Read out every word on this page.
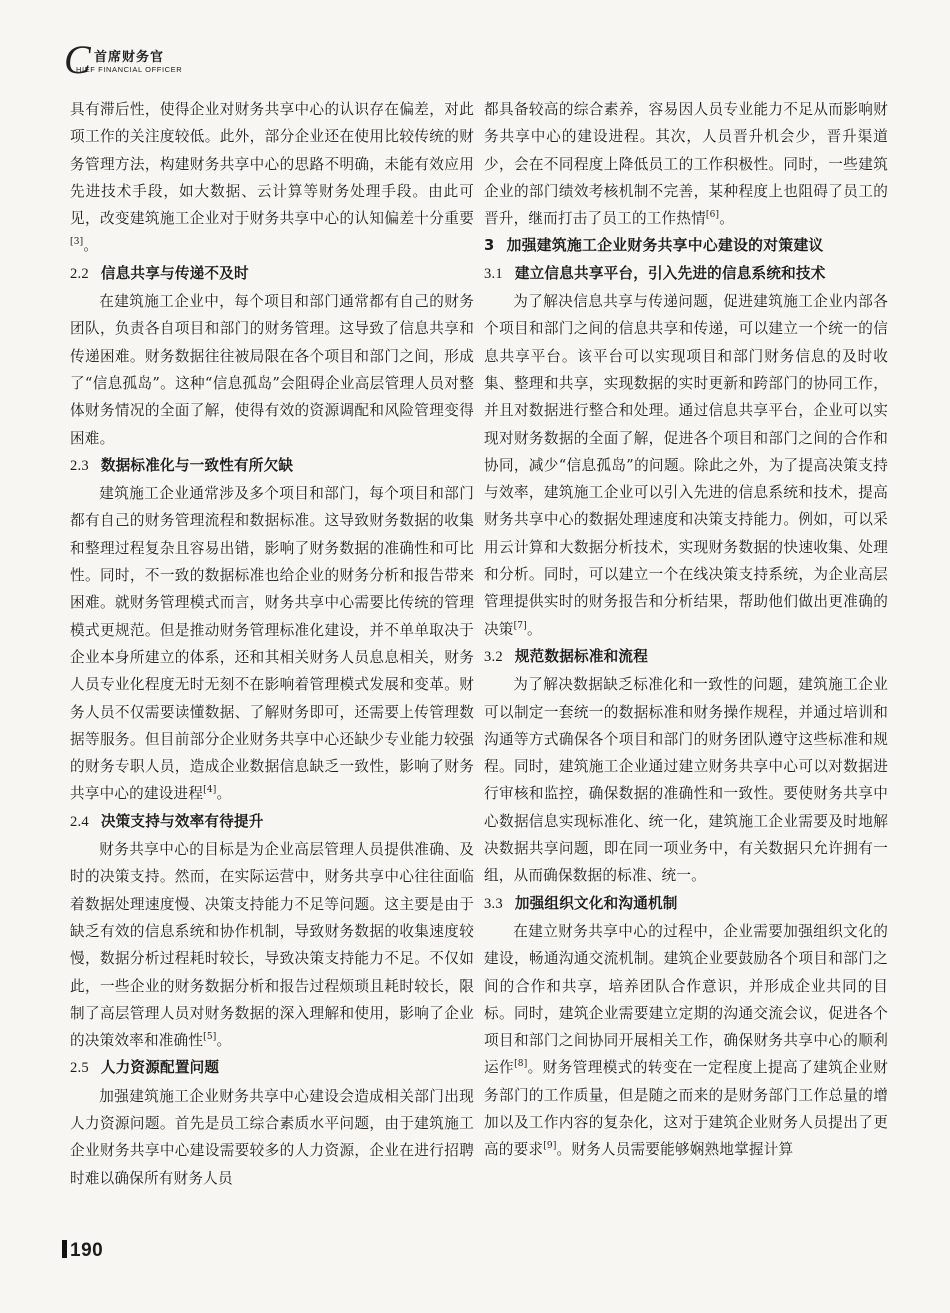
C 首席财务官
HIEF FINANCIAL OFFICER

具有滞后性，使得企业对财务共享中心的认识存在偏差，对此项工作的关注度较低。此外，部分企业还在使用比较传统的财务管理方法，构建财务共享中心的思路不明确，未能有效应用先进技术手段，如大数据、云计算等财务处理手段。由此可见，改变建筑施工企业对于财务共享中心的认知偏差十分重要[3]。

2.2 信息共享与传递不及时

在建筑施工企业中，每个项目和部门通常都有自己的财务团队，负责各自项目和部门的财务管理。这导致了信息共享和传递困难。财务数据往往被局限在各个项目和部门之间，形成了“信息孤岛”。这种“信息孤岛”会阻碍企业高层管理人员对整体财务情况的全面了解，使得有效的资源调配和风险管理变得困难。

2.3 数据标准化与一致性有所欠缺

建筑施工企业通常涉及多个项目和部门，每个项目和部门都有自己的财务管理流程和数据标准。这导致财务数据的收集和整理过程复杂且容易出错，影响了财务数据的准确性和可比性。同时，不一致的数据标准也给企业的财务分析和报告带来困难。就财务管理模式而言，财务共享中心需要比传统的管理模式更规范。但是推动财务管理标准化建设，并不单单取决于企业本身所建立的体系，还和其相关财务人员息息相关，财务人员专业化程度无时无刻不在影响着管理模式发展和变革。财务人员不仅需要读懂数据、了解财务即可，还需要上传管理数据等服务。但目前部分企业财务共享中心还缺少专业能力较强的财务专职人员，造成企业数据信息缺乏一致性，影响了财务共享中心的建设进程[4]。

2.4 决策支持与效率有待提升

财务共享中心的目标是为企业高层管理人员提供准确、及时的决策支持。然而，在实际运营中，财务共享中心往往面临着数据处理速度慢、决策支持能力不足等问题。这主要是由于缺乏有效的信息系统和协作机制，导致财务数据的收集速度较慢，数据分析过程耗时较长，导致决策支持能力不足。不仅如此，一些企业的财务数据分析和报告过程烦琐且耗时较长，限制了高层管理人员对财务数据的深入理解和使用，影响了企业的决策效率和准确性[5]。

2.5 人力资源配置问题

加强建筑施工企业财务共享中心建设会造成相关部门出现人力资源问题。首先是员工综合素质水平问题，由于建筑施工企业财务共享中心建设需要较多的人力资源，企业在进行招聘时难以确保所有财务人员

都具备较高的综合素养，容易因人员专业能力不足从而影响财务共享中心的建设进程。其次，人员晋升机会少，晋升渠道少，会在不同程度上降低员工的工作积极性。同时，一些建筑企业的部门绩效考核机制不完善，某种程度上也阻碍了员工的晋升，继而打击了员工的工作热情[6]。

3 加强建筑施工企业财务共享中心建设的对策建议
3.1 建立信息共享平台，引入先进的信息系统和技术

为了解决信息共享与传递问题，促进建筑施工企业内部各个项目和部门之间的信息共享和传递，可以建立一个统一的信息共享平台。该平台可以实现项目和部门财务信息的及时收集、整理和共享，实现数据的实时更新和跨部门的协同工作，并且对数据进行整合和处理。通过信息共享平台，企业可以实现对财务数据的全面了解，促进各个项目和部门之间的合作和协同，减少“信息孤岛”的问题。除此之外，为了提高决策支持与效率，建筑施工企业可以引入先进的信息系统和技术，提高财务共享中心的数据处理速度和决策支持能力。例如，可以采用云计算和大数据分析技术，实现财务数据的快速收集、处理和分析。同时，可以建立一个在线决策支持系统，为企业高层管理提供实时的财务报告和分析结果，帮助他们做出更准确的决策[7]。

3.2 规范数据标准和流程

为了解决数据缺乏标准化和一致性的问题，建筑施工企业可以制定一套统一的数据标准和财务操作规程，并通过培训和沟通等方式确保各个项目和部门的财务团队遵守这些标准和规程。同时，建筑施工企业通过建立财务共享中心可以对数据进行审核和监控，确保数据的准确性和一致性。要使财务共享中心数据信息实现标准化、统一化，建筑施工企业需要及时地解决数据共享问题，即在同一项业务中，有关数据只允许拥有一组，从而确保数据的标准、统一。

3.3 加强组织文化和沟通机制

在建立财务共享中心的过程中，企业需要加强组织文化的建设，畅通沟通交流机制。建筑企业要鼓励各个项目和部门之间的合作和共享，培养团队合作意识，并形成企业共同的目标。同时，建筑企业需要建立定期的沟通交流会议，促进各个项目和部门之间协同开展相关工作，确保财务共享中心的顺利运作[8]。财务管理模式的转变在一定程度上提高了建筑企业财务部门的工作质量，但是随之而来的是财务部门工作总量的增加以及工作内容的复杂化，这对于建筑企业财务人员提出了更高的要求[9]。财务人员需要能够娴熟地掌握计算

190
